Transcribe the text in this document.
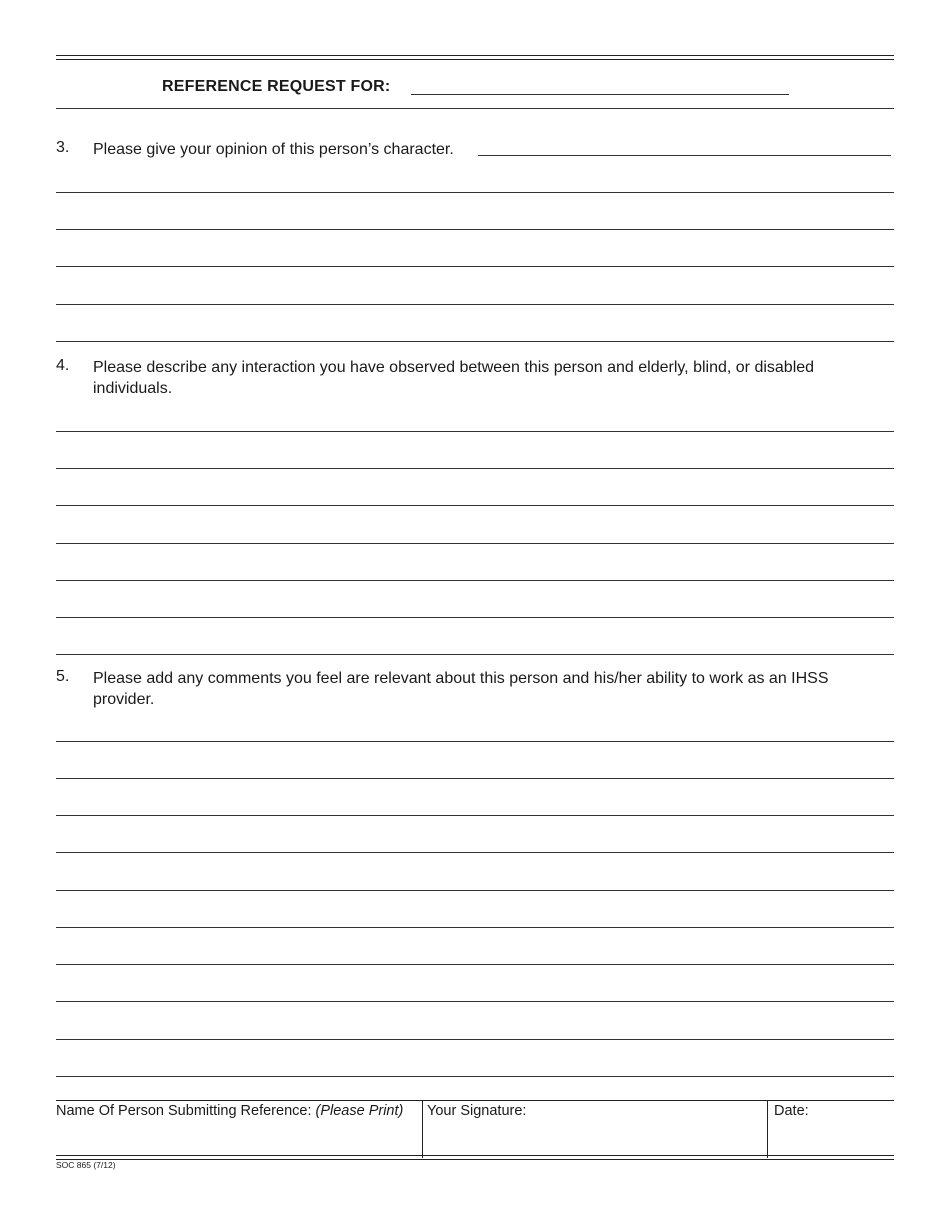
REFERENCE REQUEST FOR:
3. Please give your opinion of this person’s character.
4. Please describe any interaction you have observed between this person and elderly, blind, or disabled individuals.
5. Please add any comments you feel are relevant about this person and his/her ability to work as an IHSS provider.
Name Of Person Submitting Reference: (Please Print)	Your Signature:	Date:
SOC 865 (7/12)
